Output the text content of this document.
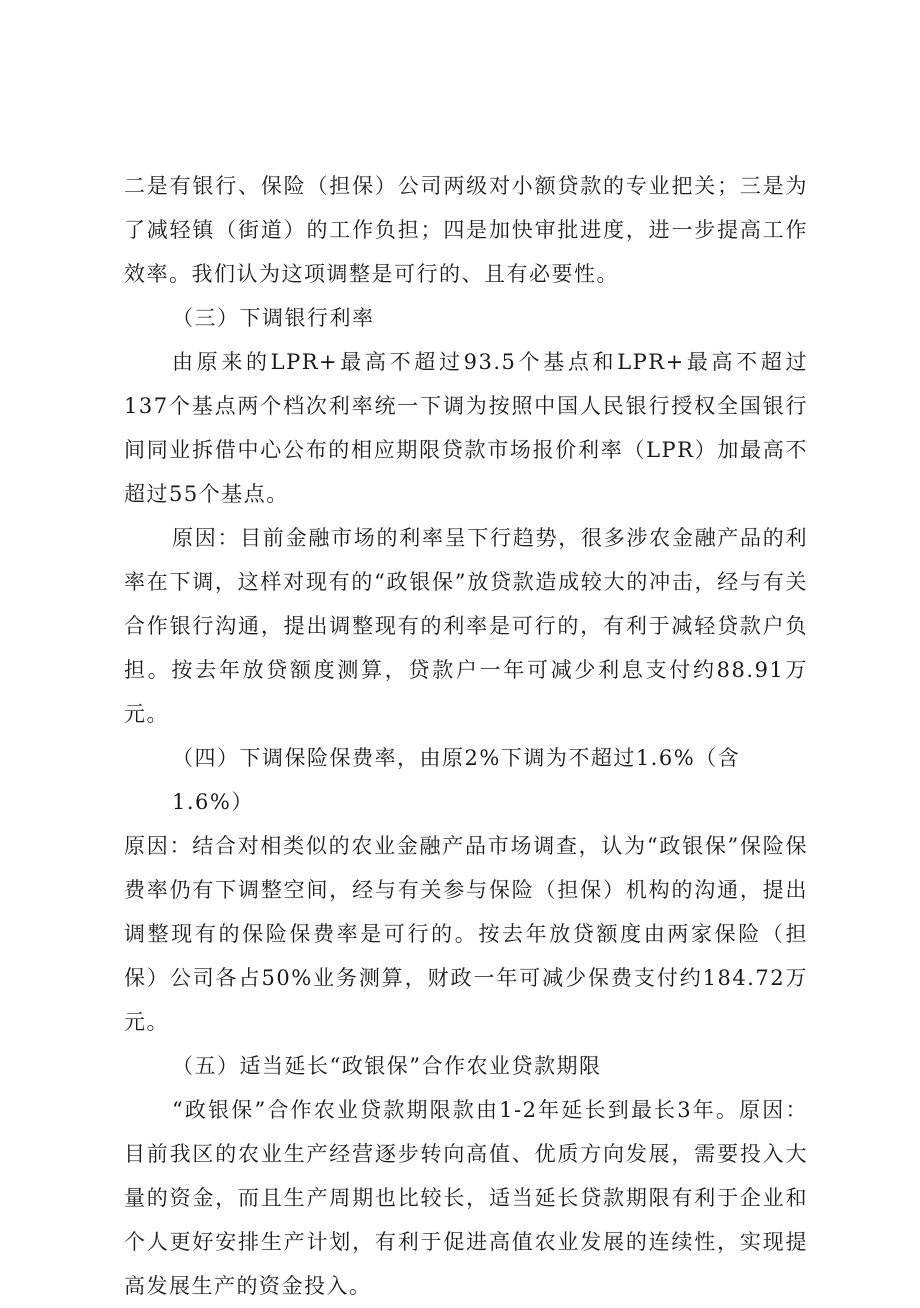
二是有银行、保险（担保）公司两级对小额贷款的专业把关；三是为了减轻镇（街道）的工作负担；四是加快审批进度，进一步提高工作效率。我们认为这项调整是可行的、且有必要性。

（三）下调银行利率

由原来的LPR+最高不超过93.5个基点和LPR+最高不超过137个基点两个档次利率统一下调为按照中国人民银行授权全国银行间同业拆借中心公布的相应期限贷款市场报价利率（LPR）加最高不超过55个基点。

原因：目前金融市场的利率呈下行趋势，很多涉农金融产品的利率在下调，这样对现有的“政银保”放贷款造成较大的冲击，经与有关合作银行沟通，提出调整现有的利率是可行的，有利于减轻贷款户负担。按去年放贷额度测算，贷款户一年可减少利息支付约88.91万元。

（四）下调保险保费率，由原2%下调为不超过1.6%（含1.6%）

原因：结合对相类似的农业金融产品市场调查，认为“政银保”保险保费率仍有下调整空间，经与有关参与保险（担保）机构的沟通，提出调整现有的保险保费率是可行的。按去年放贷额度由两家保险（担保）公司各占50%业务测算，财政一年可减少保费支付约184.72万元。

（五）适当延长“政银保”合作农业贷款期限

“政银保”合作农业贷款期限款由1-2年延长到最长3年。原因：目前我区的农业生产经营逐步转向高值、优质方向发展，需要投入大量的资金，而且生产周期也比较长，适当延长贷款期限有利于企业和个人更好安排生产计划，有利于促进高值农业发展的连续性，实现提高发展生产的资金投入。
